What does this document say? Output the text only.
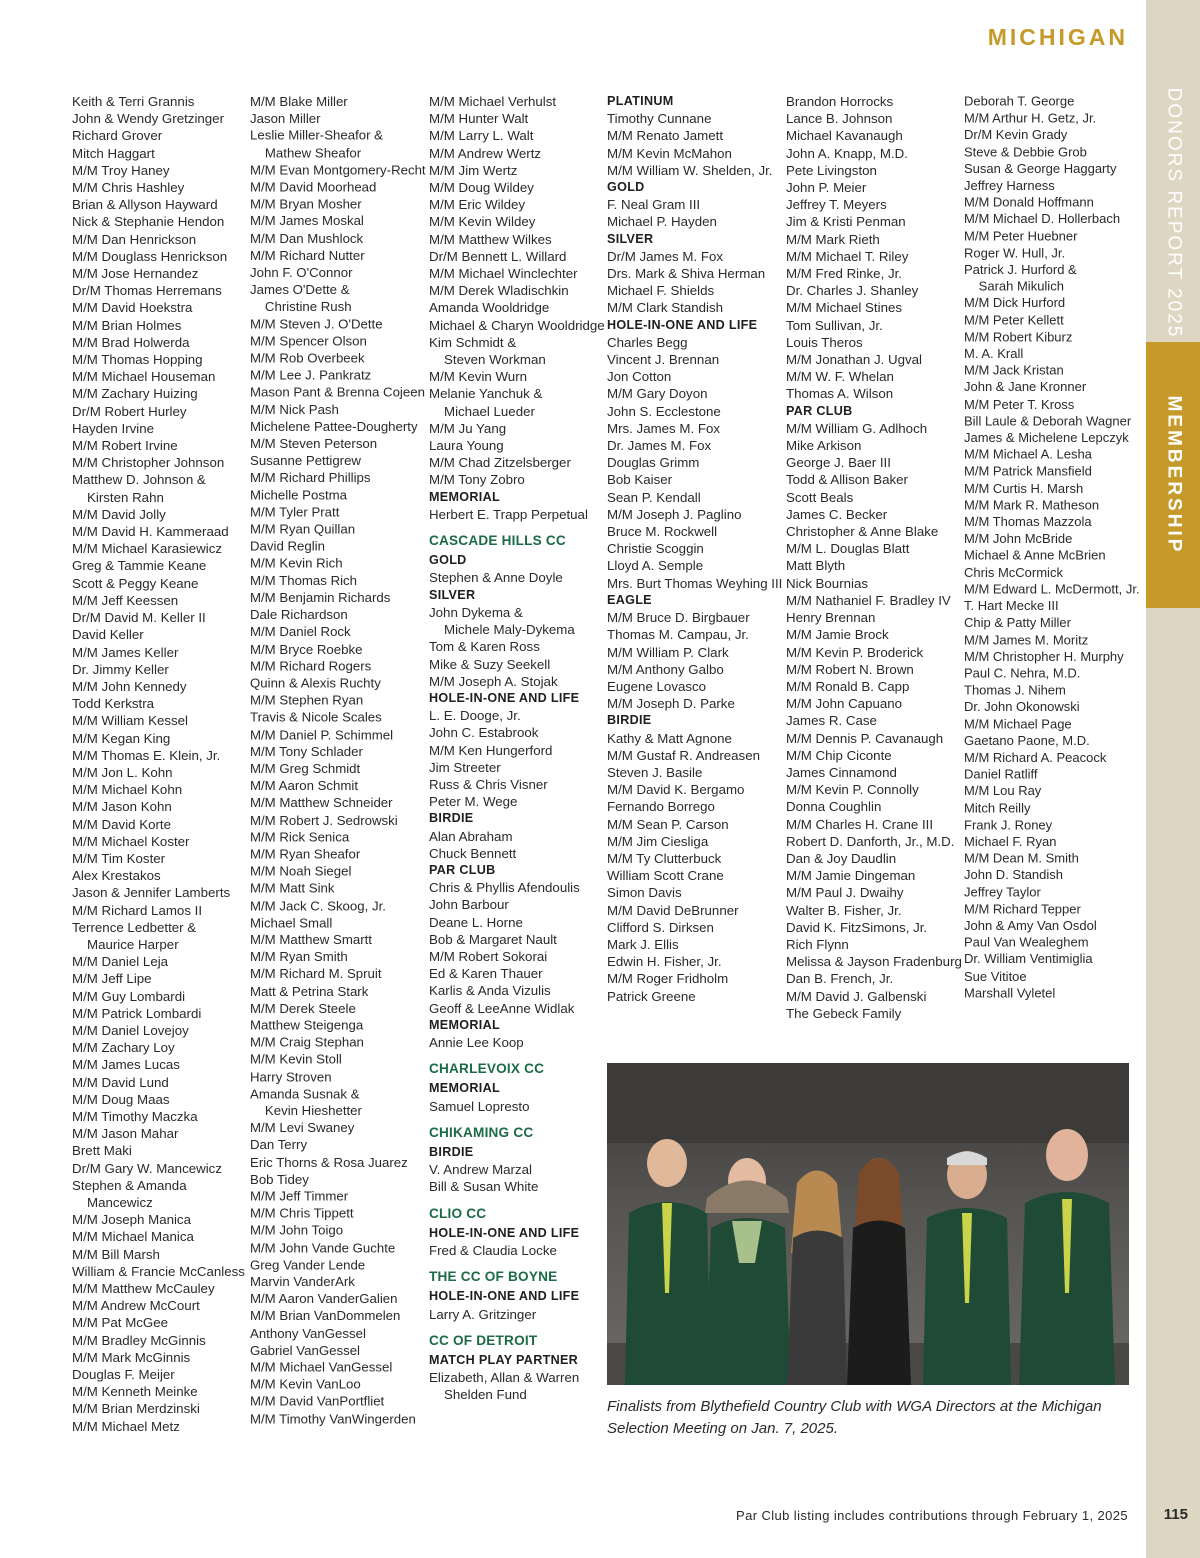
MICHIGAN
DONORS REPORT 2025
MEMBERSHIP
Keith & Terri Grannis
John & Wendy Gretzinger
Richard Grover
Mitch Haggart
M/M Troy Haney
M/M Chris Hashley
Brian & Allyson Hayward
Nick & Stephanie Hendon
M/M Dan Henrickson
M/M Douglass Henrickson
M/M Jose Hernandez
Dr/M Thomas Herremans
M/M David Hoekstra
M/M Brian Holmes
M/M Brad Holwerda
M/M Thomas Hopping
M/M Michael Houseman
M/M Zachary Huizing
Dr/M Robert Hurley
Hayden Irvine
M/M Robert Irvine
M/M Christopher Johnson
Matthew D. Johnson &
Kirsten Rahn
M/M David Jolly
M/M David H. Kammeraad
M/M Michael Karasiewicz
Greg & Tammie Keane
Scott & Peggy Keane
M/M Jeff Keessen
Dr/M David M. Keller II
David Keller
M/M James Keller
Dr. Jimmy Keller
M/M John Kennedy
Todd Kerkstra
M/M William Kessel
M/M Kegan King
M/M Thomas E. Klein, Jr.
M/M Jon L. Kohn
M/M Michael Kohn
M/M Jason Kohn
M/M David Korte
M/M Michael Koster
M/M Tim Koster
Alex Krestakos
Jason & Jennifer Lamberts
M/M Richard Lamos II
Terrence Ledbetter &
Maurice Harper
M/M Daniel Leja
M/M Jeff Lipe
M/M Guy Lombardi
M/M Patrick Lombardi
M/M Daniel Lovejoy
M/M Zachary Loy
M/M James Lucas
M/M David Lund
M/M Doug Maas
M/M Timothy Maczka
M/M Jason Mahar
Brett Maki
Dr/M Gary W. Mancewicz
Stephen & Amanda
Mancewicz
M/M Joseph Manica
M/M Michael Manica
M/M Bill Marsh
William & Francie McCanless
M/M Matthew McCauley
M/M Andrew McCourt
M/M Pat McGee
M/M Bradley McGinnis
M/M Mark McGinnis
Douglas F. Meijer
M/M Kenneth Meinke
M/M Brian Merdzinski
M/M Michael Metz
M/M Blake Miller
Jason Miller
Leslie Miller-Sheafor &
Mathew Sheafor
M/M Evan Montgomery-Recht
M/M David Moorhead
M/M Bryan Mosher
M/M James Moskal
M/M Dan Mushlock
M/M Richard Nutter
John F. O'Connor
James O'Dette &
Christine Rush
M/M Steven J. O'Dette
M/M Spencer Olson
M/M Rob Overbeek
M/M Lee J. Pankratz
Mason Pant & Brenna Cojeen
M/M Nick Pash
Michelene Pattee-Dougherty
M/M Steven Peterson
Susanne Pettigrew
M/M Richard Phillips
Michelle Postma
M/M Tyler Pratt
M/M Ryan Quillan
David Reglin
M/M Kevin Rich
M/M Thomas Rich
M/M Benjamin Richards
Dale Richardson
M/M Daniel Rock
M/M Bryce Roebke
M/M Richard Rogers
Quinn & Alexis Ruchty
M/M Stephen Ryan
Travis & Nicole Scales
M/M Daniel P. Schimmel
M/M Tony Schlader
M/M Greg Schmidt
M/M Aaron Schmit
M/M Matthew Schneider
M/M Robert J. Sedrowski
M/M Rick Senica
M/M Ryan Sheafor
M/M Noah Siegel
M/M Matt Sink
M/M Jack C. Skoog, Jr.
Michael Small
M/M Matthew Smartt
M/M Ryan Smith
M/M Richard M. Spruit
Matt & Petrina Stark
M/M Derek Steele
Matthew Steigenga
M/M Craig Stephan
M/M Kevin Stoll
Harry Stroven
Amanda Susnak &
Kevin Hieshetter
M/M Levi Swaney
Dan Terry
Eric Thorns & Rosa Juarez
Bob Tidey
M/M Jeff Timmer
M/M Chris Tippett
M/M John Toigo
M/M John Vande Guchte
Greg Vander Lende
Marvin VanderArk
M/M Aaron VanderGalien
M/M Brian VanDommelen
Anthony VanGessel
Gabriel VanGessel
M/M Michael VanGessel
M/M Kevin VanLoo
M/M David VanPortfliet
M/M Timothy VanWingerden
M/M Michael Verhulst
M/M Hunter Walt
M/M Larry L. Walt
M/M Andrew Wertz
M/M Jim Wertz
M/M Doug Wildey
M/M Eric Wildey
M/M Kevin Wildey
M/M Matthew Wilkes
Dr/M Bennett L. Willard
M/M Michael Winclechter
M/M Derek Wladischkin
Amanda Wooldridge
Michael & Charyn Wooldridge
Kim Schmidt &
Steven Workman
M/M Kevin Wurn
Melanie Yanchuk &
Michael Lueder
M/M Ju Yang
Laura Young
M/M Chad Zitzelsberger
M/M Tony Zobro
MEMORIAL
Herbert E. Trapp Perpetual
CASCADE HILLS CC
GOLD
Stephen & Anne Doyle
SILVER
John Dykema &
Michele Maly-Dykema
Tom & Karen Ross
Mike & Suzy Seekell
M/M Joseph A. Stojak
HOLE-IN-ONE AND LIFE
L. E. Dooge, Jr.
John C. Estabrook
M/M Ken Hungerford
Jim Streeter
Russ & Chris Visner
Peter M. Wege
BIRDIE
Alan Abraham
Chuck Bennett
PAR CLUB
Chris & Phyllis Afendoulis
John Barbour
Deane L. Horne
Bob & Margaret Nault
M/M Robert Sokorai
Ed & Karen Thauer
Karlis & Anda Vizulis
Geoff & LeeAnne Widlak
MEMORIAL
Annie Lee Koop
CHARLEVOIX CC
MEMORIAL
Samuel Lopresto
CHIKAMING CC
BIRDIE
V. Andrew Marzal
Bill & Susan White
CLIO CC
HOLE-IN-ONE AND LIFE
Fred & Claudia Locke
THE CC OF BOYNE
HOLE-IN-ONE AND LIFE
Larry A. Gritzinger
CC OF DETROIT
MATCH PLAY PARTNER
Elizabeth, Allan & Warren
Shelden Fund
PLATINUM
Timothy Cunnane
M/M Renato Jamett
M/M Kevin McMahon
M/M William W. Shelden, Jr.
GOLD
F. Neal Gram III
Michael P. Hayden
SILVER
Dr/M James M. Fox
Drs. Mark & Shiva Herman
Michael F. Shields
M/M Clark Standish
HOLE-IN-ONE AND LIFE
Charles Begg
Vincent J. Brennan
Jon Cotton
M/M Gary Doyon
John S. Ecclestone
Mrs. James M. Fox
Dr. James M. Fox
Douglas Grimm
Bob Kaiser
Sean P. Kendall
M/M Joseph J. Paglino
Bruce M. Rockwell
Christie Scoggin
Lloyd A. Semple
Mrs. Burt Thomas Weyhing III
EAGLE
M/M Bruce D. Birgbauer
Thomas M. Campau, Jr.
M/M William P. Clark
M/M Anthony Galbo
Eugene Lovasco
M/M Joseph D. Parke
BIRDIE
Kathy & Matt Agnone
M/M Gustaf R. Andreasen
Steven J. Basile
M/M David K. Bergamo
Fernando Borrego
M/M Sean P. Carson
M/M Jim Ciesliga
M/M Ty Clutterbuck
William Scott Crane
Simon Davis
M/M David DeBrunner
Clifford S. Dirksen
Mark J. Ellis
Edwin H. Fisher, Jr.
M/M Roger Fridholm
Patrick Greene
Brandon Horrocks
Lance B. Johnson
Michael Kavanaugh
John A. Knapp, M.D.
Pete Livingston
John P. Meier
Jeffrey T. Meyers
Jim & Kristi Penman
M/M Mark Rieth
M/M Michael T. Riley
M/M Fred Rinke, Jr.
Dr. Charles J. Shanley
M/M Michael Stines
Tom Sullivan, Jr.
Louis Theros
M/M Jonathan J. Ugval
M/M W. F. Whelan
Thomas A. Wilson
PAR CLUB
M/M William G. Adlhoch
Mike Arkison
George J. Baer III
Todd & Allison Baker
Scott Beals
James C. Becker
Christopher & Anne Blake
M/M L. Douglas Blatt
Matt Blyth
Nick Bournias
M/M Nathaniel F. Bradley IV
Henry Brennan
M/M Jamie Brock
M/M Kevin P. Broderick
M/M Robert N. Brown
M/M Ronald B. Capp
M/M John Capuano
James R. Case
M/M Dennis P. Cavanaugh
M/M Chip Ciconte
James Cinnamond
M/M Kevin P. Connolly
Donna Coughlin
M/M Charles H. Crane III
Robert D. Danforth, Jr., M.D.
Dan & Joy Daudlin
M/M Jamie Dingeman
M/M Paul J. Dwaihy
Walter B. Fisher, Jr.
David K. FitzSimons, Jr.
Rich Flynn
Melissa & Jayson Fradenburg
Dan B. French, Jr.
M/M David J. Galbenski
The Gebeck Family
Deborah T. George
M/M Arthur H. Getz, Jr.
Dr/M Kevin Grady
Steve & Debbie Grob
Susan & George Haggarty
Jeffrey Harness
M/M Donald Hoffmann
M/M Michael D. Hollerbach
M/M Peter Huebner
Roger W. Hull, Jr.
Patrick J. Hurford &
Sarah Mikulich
M/M Dick Hurford
M/M Peter Kellett
M/M Robert Kiburz
M. A. Krall
M/M Jack Kristan
John & Jane Kronner
M/M Peter T. Kross
Bill Laule & Deborah Wagner
James & Michelene Lepczyk
M/M Michael A. Lesha
M/M Patrick Mansfield
M/M Curtis H. Marsh
M/M Mark R. Matheson
M/M Thomas Mazzola
M/M John McBride
Michael & Anne McBrien
Chris McCormick
M/M Edward L. McDermott, Jr.
T. Hart Mecke III
Chip & Patty Miller
M/M James M. Moritz
M/M Christopher H. Murphy
Paul C. Nehra, M.D.
Thomas J. Nihem
Dr. John Okonowski
M/M Michael Page
Gaetano Paone, M.D.
M/M Richard A. Peacock
Daniel Ratliff
M/M Lou Ray
Mitch Reilly
Frank J. Roney
Michael F. Ryan
M/M Dean M. Smith
John D. Standish
Jeffrey Taylor
M/M Richard Tepper
John & Amy Van Osdol
Paul Van Wealeghem
Dr. William Ventimiglia
Sue Vititoe
Marshall Vyletel
Finalists from Blythefield Country Club with WGA Directors at the Michigan Selection Meeting on Jan. 7, 2025.
Par Club listing includes contributions through February 1, 2025 115
